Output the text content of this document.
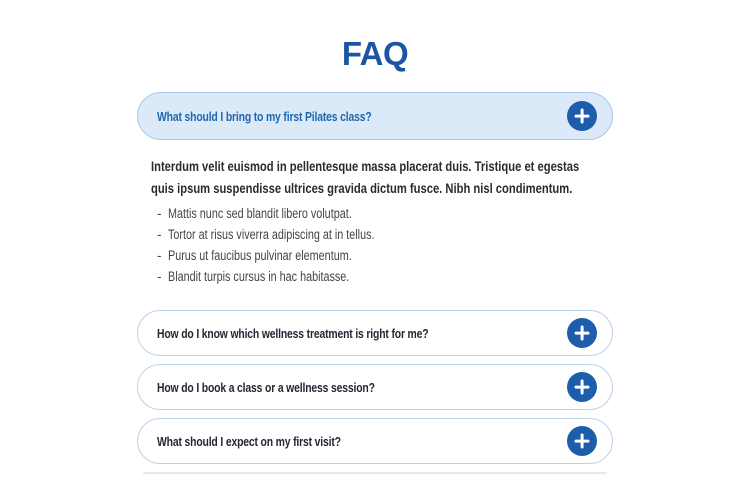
FAQ
What should I bring to my first Pilates class?

Interdum velit euismod in pellentesque massa placerat duis. Tristique et egestas
quis ipsum suspendisse ultrices gravida dictum fusce. Nibh nisl condimentum.

- Mattis nunc sed blandit libero volutpat.
- Tortor at risus viverra adipiscing at in tellus.
- Purus ut faucibus pulvinar elementum.
- Blandit turpis cursus in hac habitasse.
How do I know which wellness treatment is right for me?
How do I book a class or a wellness session?
What should I expect on my first visit?
